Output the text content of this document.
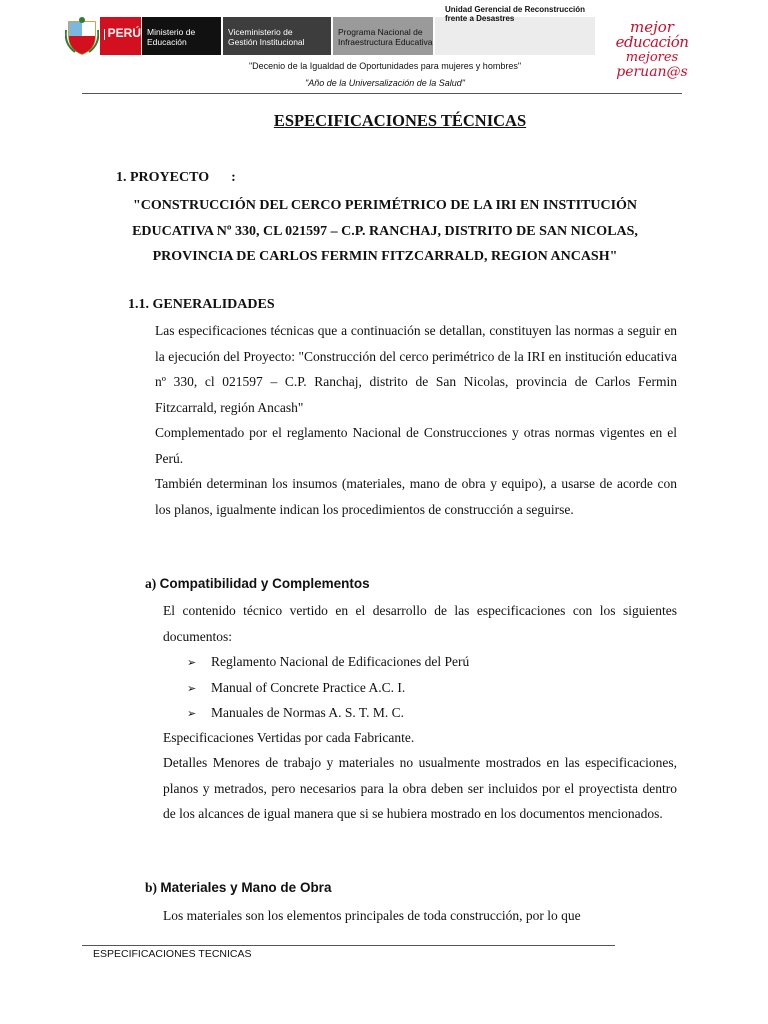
PERÚ Ministerio de
Educación
Viceministerio de
Gestión Institucional
Programa Nacional de
Infraestructura Educativa
Unidad Gerencial de Reconstrucción
frente a Desastres	mejor
educación
mejores
peruan@s
"Decenio de la Igualdad de Oportunidades para mujeres y hombres"
"Año de la Universalización de la Salud"
ESPECIFICACIONES TÉCNICAS
1. PROYECTO :
"CONSTRUCCIÓN DEL CERCO PERIMÉTRICO DE LA IRI EN INSTITUCIÓN
EDUCATIVA Nº 330, CL 021597 – C.P. RANCHAJ, DISTRITO DE SAN NICOLAS,
PROVINCIA DE CARLOS FERMIN FITZCARRALD, REGION ANCASH"
1.1. GENERALIDADES
Las especificaciones técnicas que a continuación se detallan, constituyen las normas a seguir en la ejecución del Proyecto: "Construcción del cerco perimétrico de la IRI en institución educativa nº 330, cl 021597 – C.P. Ranchaj, distrito de San Nicolas, provincia de Carlos Fermin Fitzcarrald, región Ancash"
Complementado por el reglamento Nacional de Construcciones y otras normas vigentes en el Perú.
También determinan los insumos (materiales, mano de obra y equipo), a usarse de acorde con los planos, igualmente indican los procedimientos de construcción a seguirse.
a) Compatibilidad y Complementos
El contenido técnico vertido en el desarrollo de las especificaciones con los siguientes documentos:
➢	Reglamento Nacional de Edificaciones del Perú
➢	Manual of Concrete Practice A.C. I.
➢	Manuales de Normas A. S. T. M. C.
Especificaciones Vertidas por cada Fabricante.
Detalles Menores de trabajo y materiales no usualmente mostrados en las especificaciones, planos y metrados, pero necesarios para la obra deben ser incluidos por el proyectista dentro de los alcances de igual manera que si se hubiera mostrado en los documentos mencionados.
b) Materiales y Mano de Obra
Los materiales son los elementos principales de toda construcción, por lo que
ESPECIFICACIONES TECNICAS
